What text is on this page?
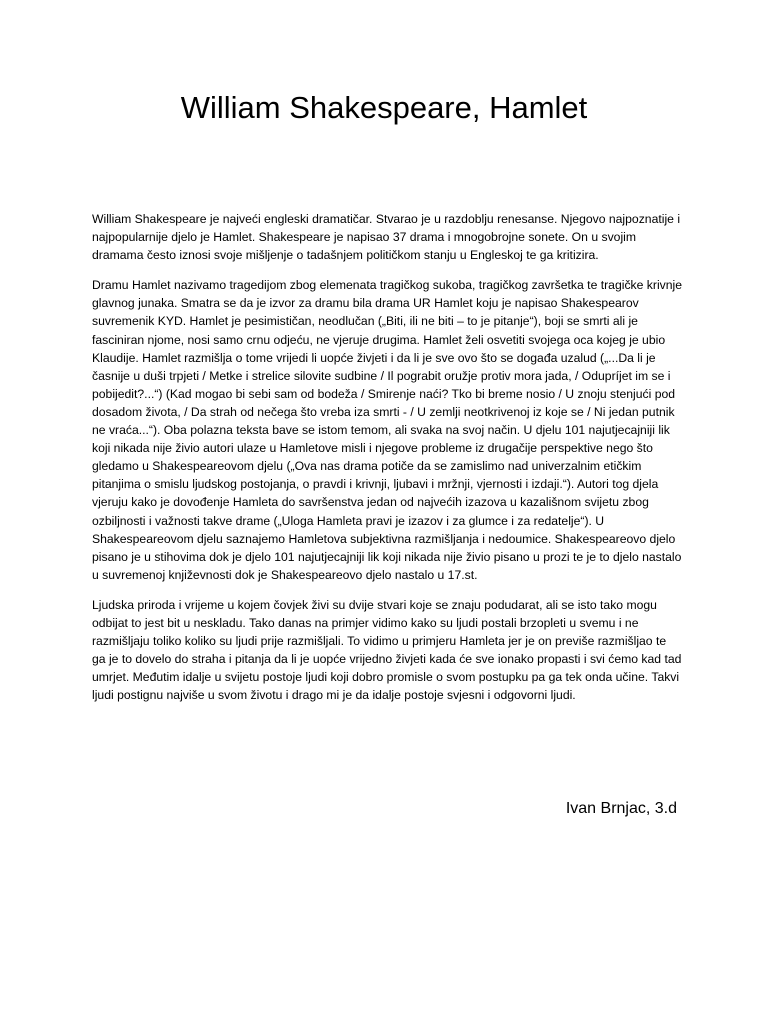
William Shakespeare, Hamlet

William Shakespeare je najveći engleski dramatičar. Stvarao je u razdoblju renesanse. Njegovo najpoznatije i najpopularnije djelo je Hamlet. Shakespeare je napisao 37 drama i mnogobrojne sonete. On u svojim dramama često iznosi svoje mišljenje o tadašnjem političkom stanju u Engleskoj te ga kritizira.

Dramu Hamlet nazivamo tragedijom zbog elemenata tragičkog sukoba, tragičkog završetka te tragičke krivnje glavnog junaka. Smatra se da je izvor za dramu bila drama UR Hamlet koju je napisao Shakespearov suvremenik KYD. Hamlet je pesimističan, neodlučan („Biti, ili ne biti – to je pitanje“), boji se smrti ali je fasciniran njome, nosi samo crnu odjeću, ne vjeruje drugima. Hamlet želi osvetiti svojega oca kojeg je ubio Klaudije. Hamlet razmišlja o tome vrijedi li uopće živjeti i da li je sve ovo što se događa uzalud („...Da li je časnije u duši trpjeti / Metke i strelice silovite sudbine / Il pograbit oružje protiv mora jada, / Odupríjet im se i pobijedit?...“) (Kad mogao bi sebi sam od bodeža / Smirenje naći? Tko bi breme nosio / U znoju stenjući pod dosadom života, / Da strah od nečega što vreba iza smrti - / U zemlji neotkrivenoj iz koje se / Ni jedan putnik ne vraća...“). Oba polazna teksta bave se istom temom, ali svaka na svoj način. U djelu 101 najutjecajniji lik koji nikada nije živio autori ulaze u Hamletove misli i njegove probleme iz drugačije perspektive nego što gledamo u Shakespeareovom djelu („Ova nas drama potiče da se zamislimo nad univerzalnim etičkim pitanjima o smislu ljudskog postojanja, o pravdi i krivnji, ljubavi i mržnji, vjernosti i izdaji.“). Autori tog djela vjeruju kako je dovođenje Hamleta do savršenstva jedan od najvećih izazova u kazališnom svijetu zbog ozbiljnosti i važnosti takve drame („Uloga Hamleta pravi je izazov i za glumce i za redatelje“). U Shakespeareovom djelu saznajemo Hamletova subjektivna razmišljanja i nedoumice. Shakespeareovo djelo pisano je u stihovima dok je djelo 101 najutjecajniji lik koji nikada nije živio pisano u prozi te je to djelo nastalo u suvremenoj književnosti dok je Shakespeareovo djelo nastalo u 17.st.

Ljudska priroda i vrijeme u kojem čovjek živi su dvije stvari koje se znaju podudarat, ali se isto tako mogu odbijat to jest bit u neskladu. Tako danas na primjer vidimo kako su ljudi postali brzopleti u svemu i ne razmišljaju toliko koliko su ljudi prije razmišljali. To vidimo u primjeru Hamleta jer je on previše razmišljao te ga je to dovelo do straha i pitanja da li je uopće vrijedno živjeti kada će sve ionako propasti i svi ćemo kad tad umrjet. Međutim idalje u svijetu postoje ljudi koji dobro promisle o svom postupku pa ga tek onda učine. Takvi ljudi postignu najviše u svom životu i drago mi je da idalje postoje svjesni i odgovorni ljudi.

Ivan Brnjac, 3.d
